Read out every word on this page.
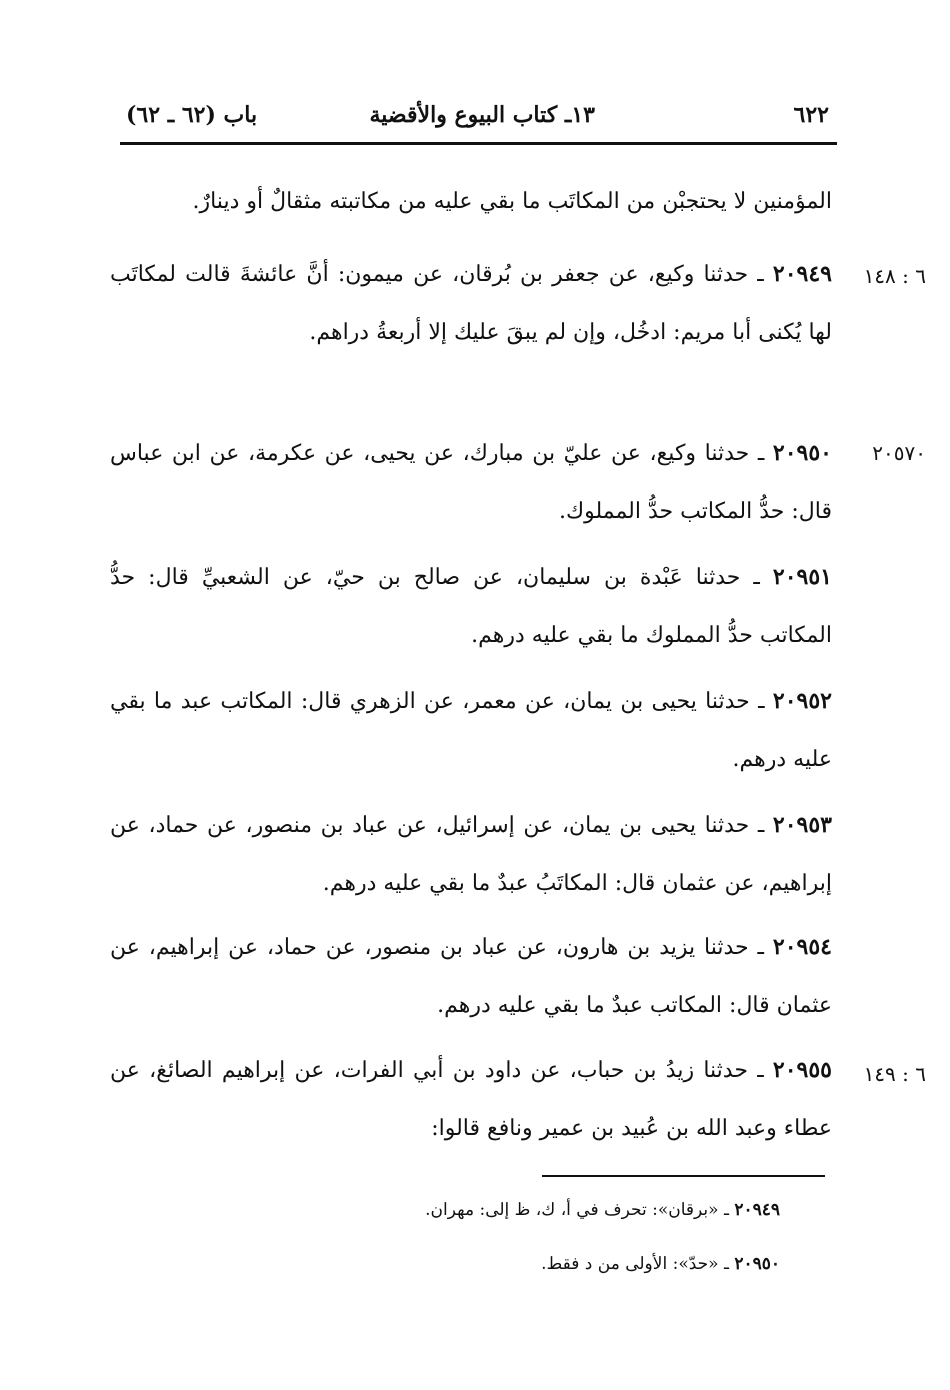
٦٢٢
١٣ـ كتاب البيوع والأقضية
باب (٦٢ ـ ٦٢)
المؤمنين لا يحتجبْن من المكاتَب ما بقي عليه من مكاتبته مثقالٌ أو دينارٌ.
٦ : ١٤٨
٢٠٩٤٩ ـ حدثنا وكيع، عن جعفر بن بُرقان، عن ميمون: أنَّ عائشةَ قالت لمكاتَب لها يُكنى أبا مريم: ادخُل، وإن لم يبقَ عليك إلا أربعةُ دراهم.
٢٠٥٧٠
٢٠٩٥٠ ـ حدثنا وكيع، عن عليّ بن مبارك، عن يحيى، عن عكرمة، عن ابن عباس قال: حدُّ المكاتب حدُّ المملوك.
٢٠٩٥١ ـ حدثنا عَبْدة بن سليمان، عن صالح بن حيّ، عن الشعبيِّ قال: حدُّ المكاتب حدُّ المملوك ما بقي عليه درهم.
٢٠٩٥٢ ـ حدثنا يحيى بن يمان، عن معمر، عن الزهري قال: المكاتب عبد ما بقي عليه درهم.
٢٠٩٥٣ ـ حدثنا يحيى بن يمان، عن إسرائيل، عن عباد بن منصور، عن حماد، عن إبراهيم، عن عثمان قال: المكاتَبُ عبدٌ ما بقي عليه درهم.
٢٠٩٥٤ ـ حدثنا يزيد بن هارون، عن عباد بن منصور، عن حماد، عن إبراهيم، عن عثمان قال: المكاتب عبدٌ ما بقي عليه درهم.
٦ : ١٤٩
٢٠٩٥٥ ـ حدثنا زيدُ بن حباب، عن داود بن أبي الفرات، عن إبراهيم الصائغ، عن عطاء وعبد الله بن عُبيد بن عمير ونافع قالوا:
٢٠٩٤٩ ـ «برقان»: تحرف في أ، ك، ظ إلى: مهران.
٢٠٩٥٠ ـ «حدّ»: الأولى من د فقط.
